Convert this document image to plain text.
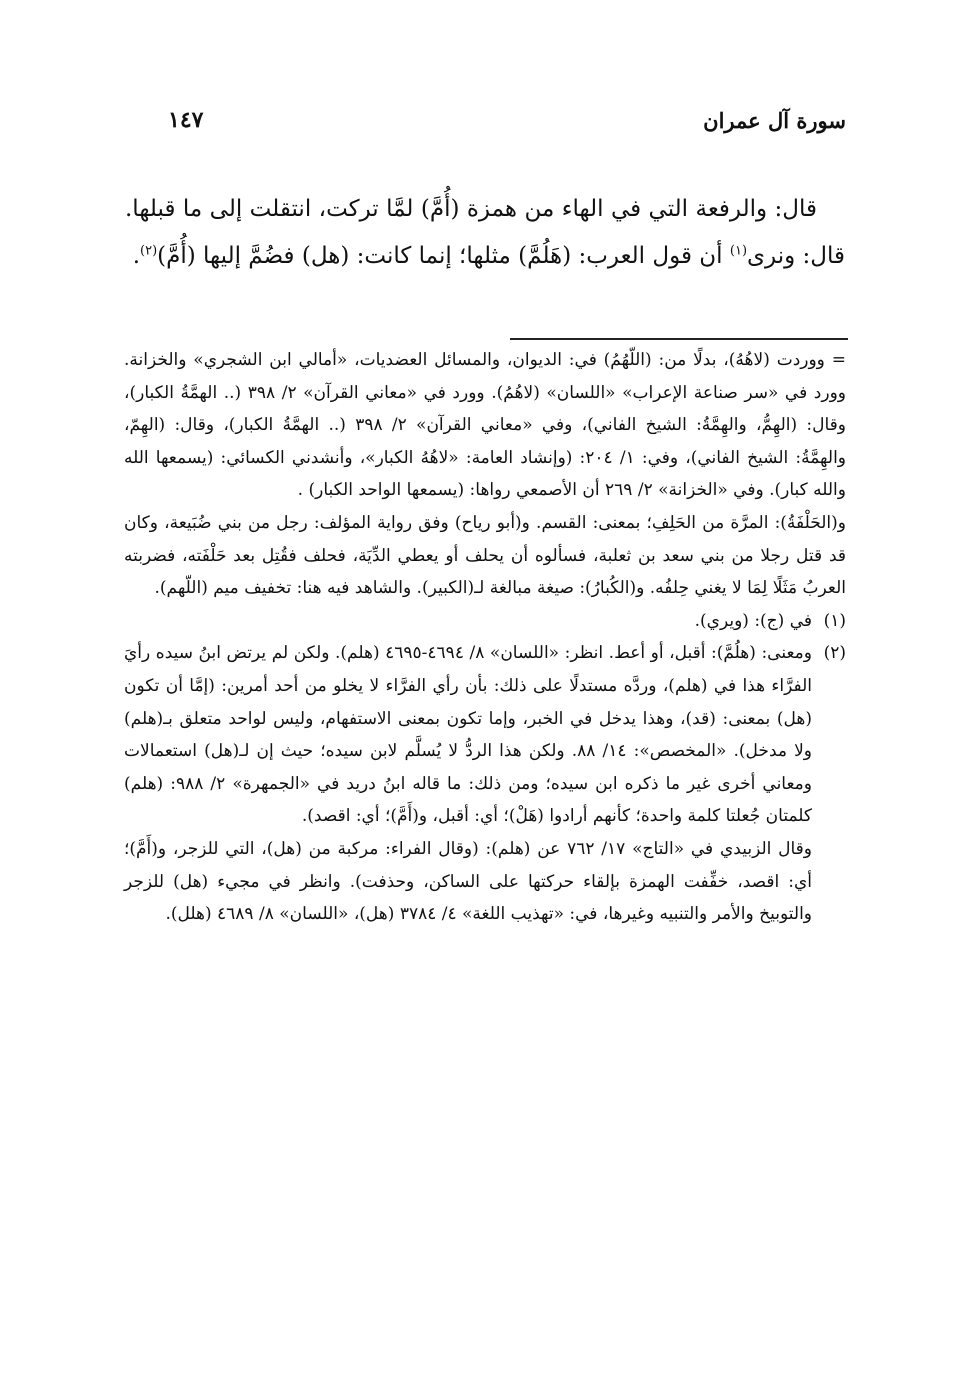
سورة آل عمران
١٤٧

قال: والرفعة التي في الهاء من همزة (أُمَّ) لمَّا تركت، انتقلت إلى ما قبلها. قال: ونرى$^{(١)}$ أن قول العرب: (هَلُمَّ) مثلها؛ إنما كانت: (هل) فضُمَّ إليها (أُمَّ)$^{(٢)}$.

= ووردت (لاهُهُ)، بدلًا من: (اللّهُمُ) في: الديوان، والمسائل العضديات، «أمالي ابن الشجري» والخزانة. وورد في «سر صناعة الإعراب» «اللسان» (لاهُمُ). وورد في «معاني القرآن» ٢/ ٣٩٨ (.. الهمَّةُ الكبار)، وقال: (الهِمُّ، والهِمَّةُ: الشيخ الفاني)، وفي «معاني القرآن» ٢/ ٣٩٨ (.. الهمَّةُ الكبار)، وقال: (الهِمّ، والهِمَّةُ: الشيخ الفاني)، وفي: ١/ ٢٠٤: (وإنشاد العامة: «لاهُهُ الكبار»، وأنشدني الكسائي: (يسمعها الله والله كبار). وفي «الخزانة» ٢/ ٢٦٩ أن الأصمعي رواها: (يسمعها الواحد الكبار) .

و(الحَلْفَةُ): المرَّة من الحَلِفِ؛ بمعنى: القسم. و(أبو رياح) وفق رواية المؤلف: رجل من بني ضُبَيعة، وكان قد قتل رجلا من بني سعد بن ثعلبة، فسألوه أن يحلف أو يعطي الدِّيَة، فحلف فقُتِل بعد حَلْفَته، فضربته العربُ مَثَلًا لِمَا لا يغني حِلفُه. و(الكُبارُ): صيغة مبالغة لـ(الكبير). والشاهد فيه هنا: تخفيف ميم (اللّهم).

(١)

في (ج): (ويري).

(٢)

ومعنى: (هلُمَّ): أقبل، أو أعط. انظر: «اللسان» ٨/ ٤٦٩٤-٤٦٩٥ (هلم). ولكن لم يرتض ابنُ سيده رأيَ الفرَّاء هذا في (هلم)، وردَّه مستدلًا على ذلك: بأن رأي الفرَّاء لا يخلو من أحد أمرين: (إمَّا أن تكون (هل) بمعنى: (قد)، وهذا يدخل في الخبر، وإما تكون بمعنى الاستفهام، وليس لواحد متعلق بـ(هلم) ولا مدخل). «المخصص»: ١٤/ ٨٨. ولكن هذا الردُّ لا يُسلَّم لابن سيده؛ حيث إن لـ(هل) استعمالات ومعاني أخرى غير ما ذكره ابن سيده؛ ومن ذلك: ما قاله ابنُ دريد في «الجمهرة» ٢/ ٩٨٨: (هلم) كلمتان جُعلتا كلمة واحدة؛ كأنهم أرادوا (هَلْ)؛ أي: أقبل، و(أَمَّ)؛ أي: اقصد).

وقال الزبيدي في «التاج» ١٧/ ٧٦٢ عن (هلم): (وقال الفراء: مركبة من (هل)، التي للزجر، و(أَمَّ)؛ أي: اقصد، خفِّفت الهمزة بإلقاء حركتها على الساكن، وحذفت). وانظر في مجيء (هل) للزجر والتوبيخ والأمر والتنبيه وغيرها، في: «تهذيب اللغة» ٤/ ٣٧٨٤ (هل)، «اللسان» ٨/ ٤٦٨٩ (هلل).
